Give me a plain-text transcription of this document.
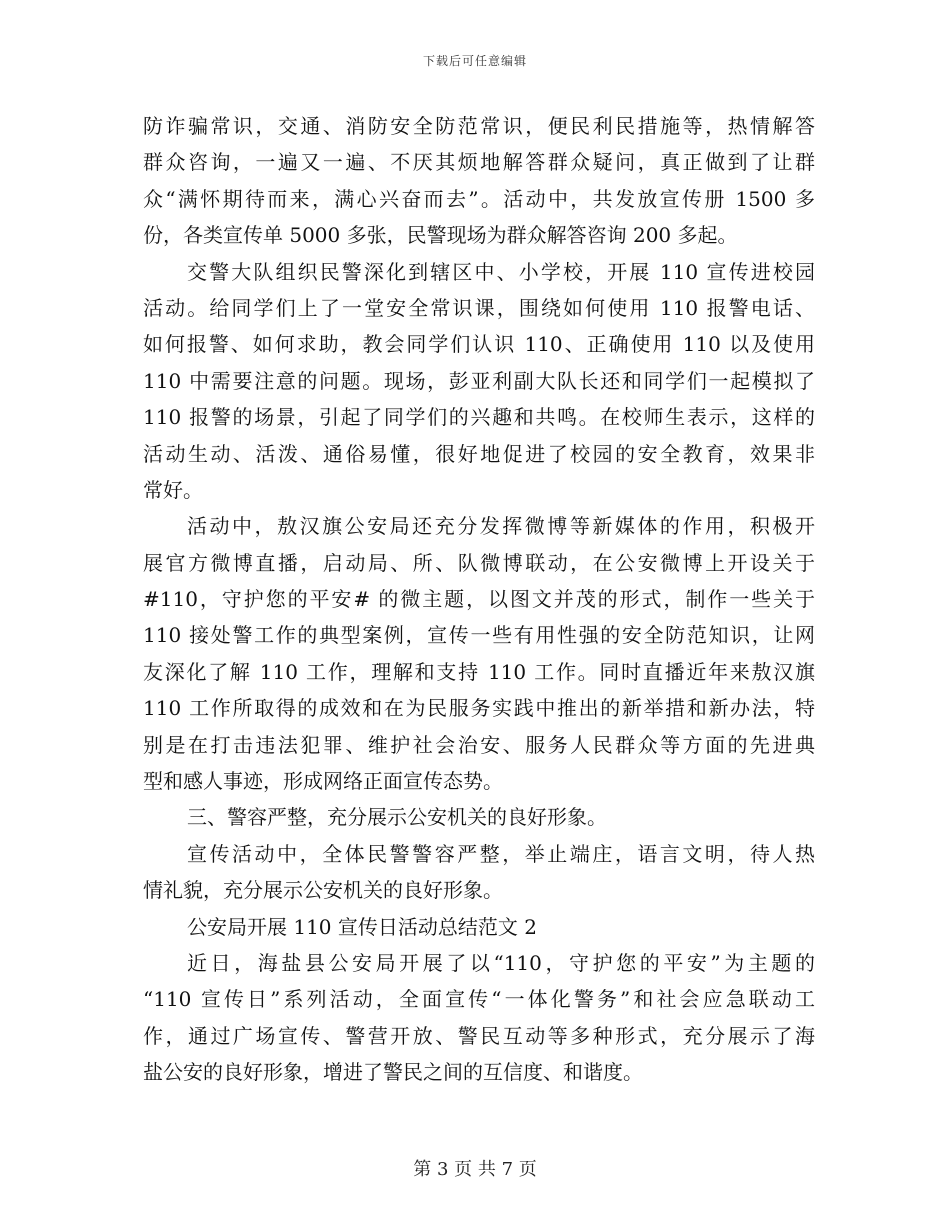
下载后可任意编辑
防诈骗常识，交通、消防安全防范常识，便民利民措施等，热情解答
群众咨询，一遍又一遍、不厌其烦地解答群众疑问，真正做到了让群
众“满怀期待而来，满心兴奋而去”。活动中，共发放宣传册 1500 多
份，各类宣传单 5000 多张，民警现场为群众解答咨询 200 多起。
交警大队组织民警深化到辖区中、小学校，开展 110 宣传进校园
活动。给同学们上了一堂安全常识课，围绕如何使用 110 报警电话、
如何报警、如何求助，教会同学们认识 110、正确使用 110 以及使用
110 中需要注意的问题。现场，彭亚利副大队长还和同学们一起模拟了
110 报警的场景，引起了同学们的兴趣和共鸣。在校师生表示，这样的
活动生动、活泼、通俗易懂，很好地促进了校园的安全教育，效果非
常好。
活动中，敖汉旗公安局还充分发挥微博等新媒体的作用，积极开
展官方微博直播，启动局、所、队微博联动，在公安微博上开设关于
#110，守护您的平安# 的微主题，以图文并茂的形式，制作一些关于
110 接处警工作的典型案例，宣传一些有用性强的安全防范知识，让网
友深化了解 110 工作，理解和支持 110 工作。同时直播近年来敖汉旗
110 工作所取得的成效和在为民服务实践中推出的新举措和新办法，特
别是在打击违法犯罪、维护社会治安、服务人民群众等方面的先进典
型和感人事迹，形成网络正面宣传态势。
三、警容严整，充分展示公安机关的良好形象。
宣传活动中，全体民警警容严整，举止端庄，语言文明，待人热
情礼貌，充分展示公安机关的良好形象。
公安局开展 110 宣传日活动总结范文 2
近日，海盐县公安局开展了以“110，守护您的平安”为主题的
“110 宣传日”系列活动，全面宣传“一体化警务”和社会应急联动工
作，通过广场宣传、警营开放、警民互动等多种形式，充分展示了海
盐公安的良好形象，增进了警民之间的互信度、和谐度。
第 3 页 共 7 页
